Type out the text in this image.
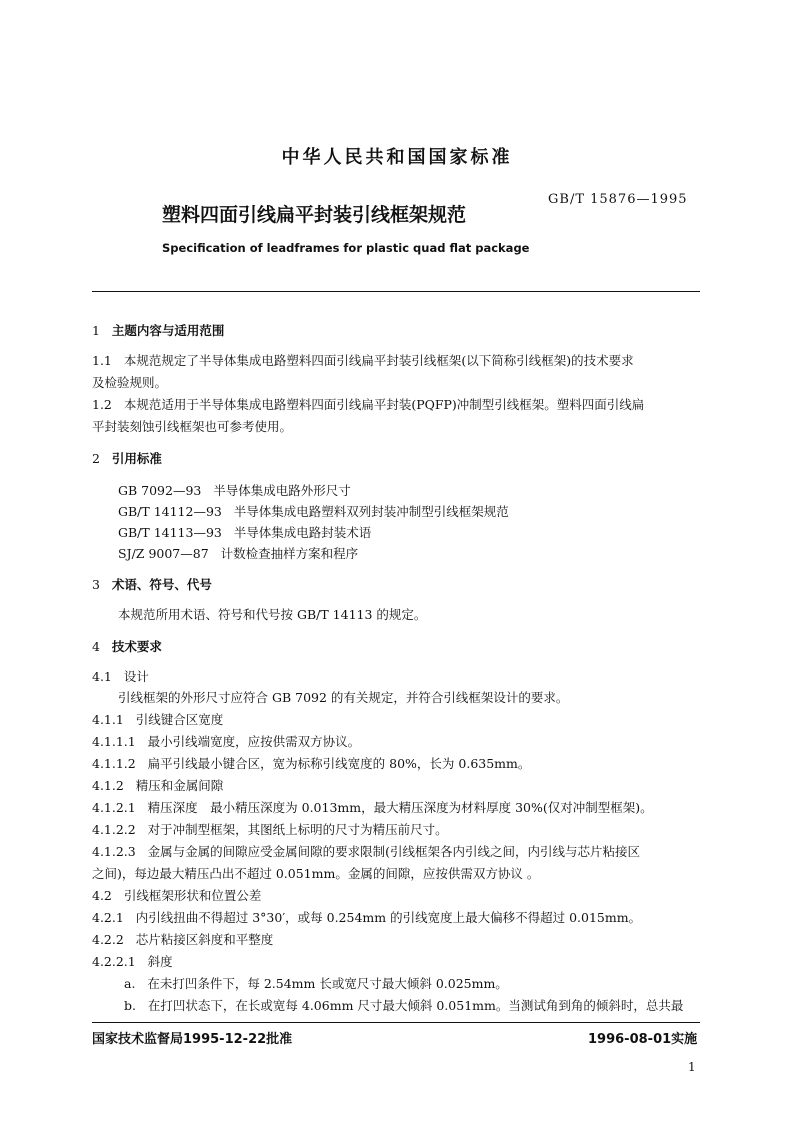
中华人民共和国国家标准
塑料四面引线扁平封装引线框架规范
GB/T 15876—1995
Specification of leadframes for plastic quad flat package
1 主题内容与适用范围
1.1 本规范规定了半导体集成电路塑料四面引线扁平封装引线框架(以下简称引线框架)的技术要求
及检验规则。
1.2 本规范适用于半导体集成电路塑料四面引线扁平封装(PQFP)冲制型引线框架。塑料四面引线扁
平封装刻蚀引线框架也可参考使用。
2 引用标准
GB 7092—93 半导体集成电路外形尺寸
GB/T 14112—93 半导体集成电路塑料双列封装冲制型引线框架规范
GB/T 14113—93 半导体集成电路封装术语
SJ/Z 9007—87 计数检查抽样方案和程序
3 术语、符号、代号
本规范所用术语、符号和代号按 GB/T 14113 的规定。
4 技术要求
4.1 设计
引线框架的外形尺寸应符合 GB 7092 的有关规定，并符合引线框架设计的要求。
4.1.1 引线键合区宽度
4.1.1.1 最小引线端宽度，应按供需双方协议。
4.1.1.2 扁平引线最小键合区，宽为标称引线宽度的 80%，长为 0.635mm。
4.1.2 精压和金属间隙
4.1.2.1 精压深度　最小精压深度为 0.013mm，最大精压深度为材料厚度 30%(仅对冲制型框架)。
4.1.2.2 对于冲制型框架，其图纸上标明的尺寸为精压前尺寸。
4.1.2.3 金属与金属的间隙应受金属间隙的要求限制(引线框架各内引线之间，内引线与芯片粘接区
之间)，每边最大精压凸出不超过 0.051mm。金属的间隙，应按供需双方协议 。
4.2 引线框架形状和位置公差
4.2.1 内引线扭曲不得超过 3°30′，或每 0.254mm 的引线宽度上最大偏移不得超过 0.015mm。
4.2.2 芯片粘接区斜度和平整度
4.2.2.1 斜度
a. 在未打凹条件下，每 2.54mm 长或宽尺寸最大倾斜 0.025mm。
b. 在打凹状态下，在长或宽每 4.06mm 尺寸最大倾斜 0.051mm。当测试角到角的倾斜时，总共最
国家技术监督局1995-12-22批准	1996-08-01实施
1
